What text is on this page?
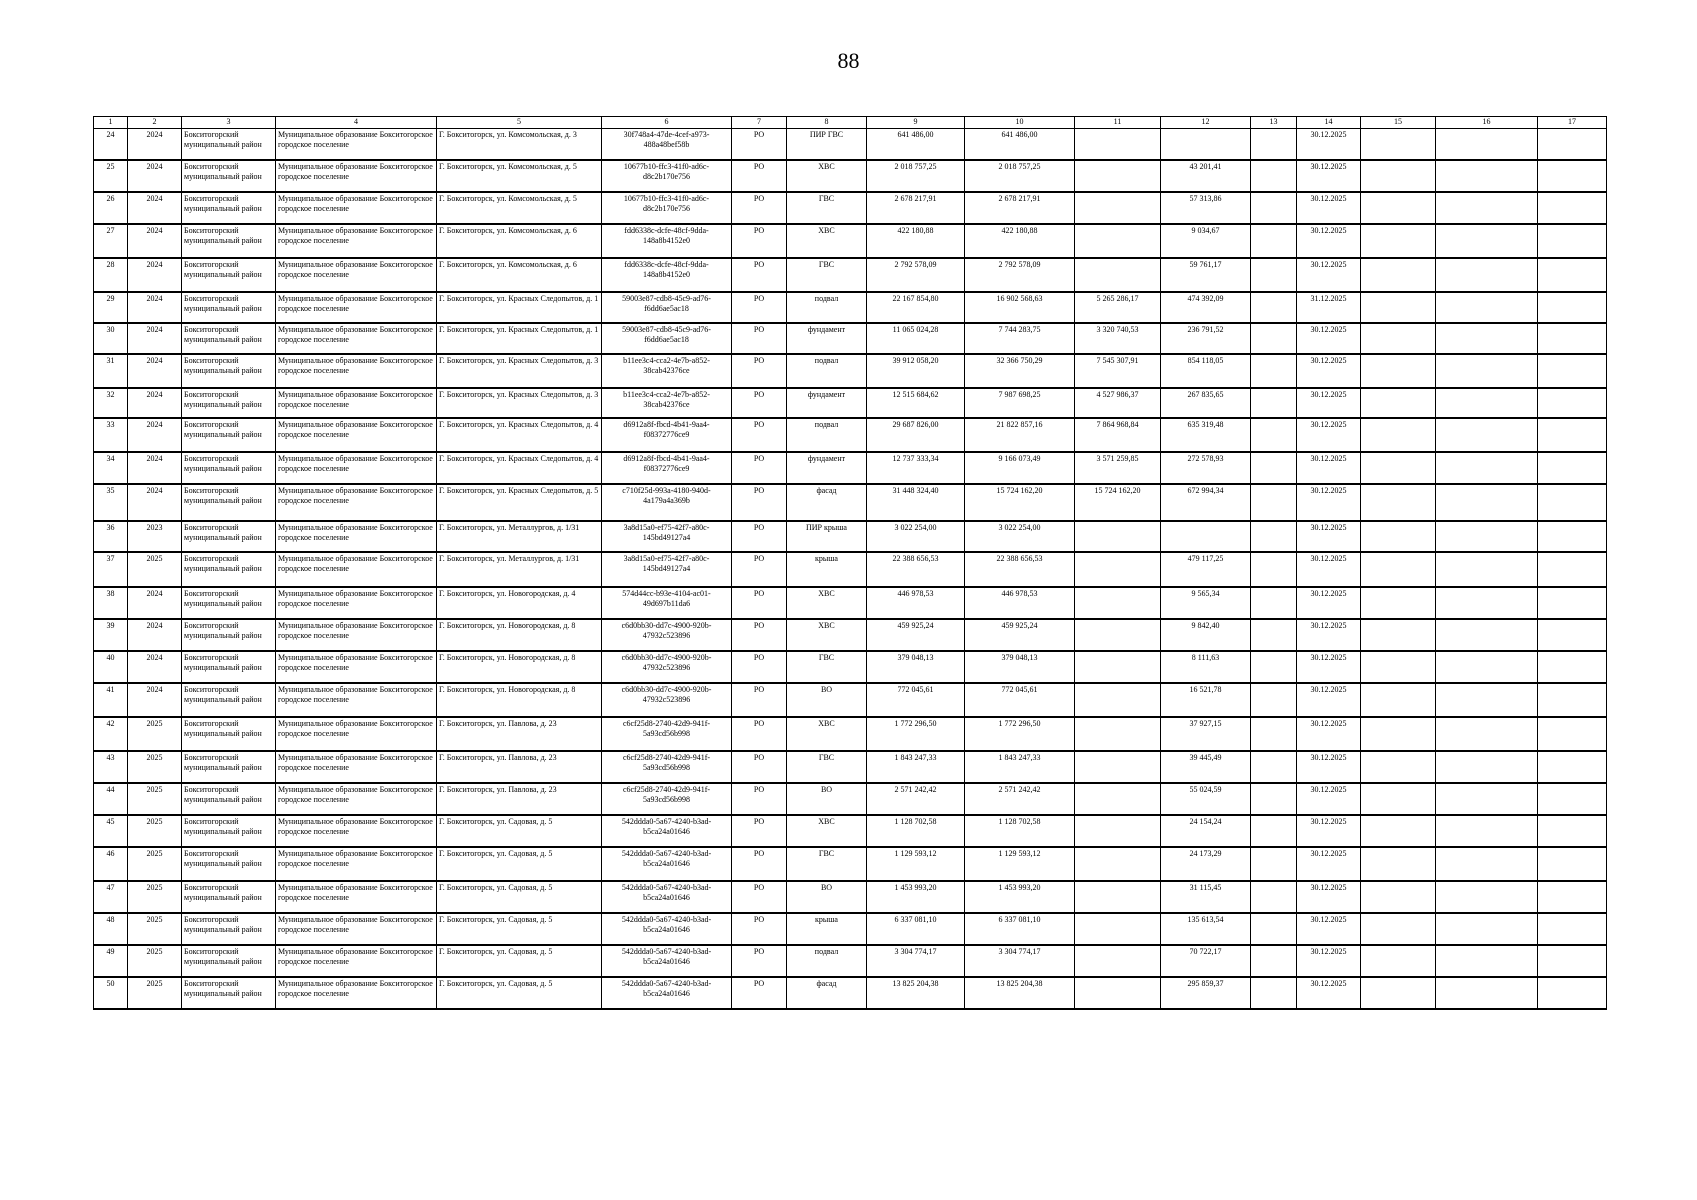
88
1	2	3	4	5	6	7	8	9	10	11	12	13	14	15	16	17
24	2024	Бокситогорский муниципальный район	Муниципальное образование Бокситогорское городское поселение	Г. Бокситогорск, ул. Комсомольская, д. 3	30f748a4-47de-4cef-a973-488a48bef58b	РО	ПИР ГВС	641 486,00	641 486,00				30.12.2025			
25	2024	Бокситогорский муниципальный район	Муниципальное образование Бокситогорское городское поселение	Г. Бокситогорск, ул. Комсомольская, д. 5	10677b10-ffc3-41f0-ad6c-d8c2b170e756	РО	ХВС	2 018 757,25	2 018 757,25		43 201,41		30.12.2025			
26	2024	Бокситогорский муниципальный район	Муниципальное образование Бокситогорское городское поселение	Г. Бокситогорск, ул. Комсомольская, д. 5	10677b10-ffc3-41f0-ad6c-d8c2b170e756	РО	ГВС	2 678 217,91	2 678 217,91		57 313,86		30.12.2025			
27	2024	Бокситогорский муниципальный район	Муниципальное образование Бокситогорское городское поселение	Г. Бокситогорск, ул. Комсомольская, д. 6	fdd6338c-dcfe-48cf-9dda-148a8b4152e0	РО	ХВС	422 180,88	422 180,88		9 034,67		30.12.2025			
28	2024	Бокситогорский муниципальный район	Муниципальное образование Бокситогорское городское поселение	Г. Бокситогорск, ул. Комсомольская, д. 6	fdd6338c-dcfe-48cf-9dda-148a8b4152e0	РО	ГВС	2 792 578,09	2 792 578,09		59 761,17		30.12.2025			
29	2024	Бокситогорский муниципальный район	Муниципальное образование Бокситогорское городское поселение	Г. Бокситогорск, ул. Красных Следопытов, д. 1	59003e87-cdb8-45c9-ad76-f6dd6ae5ac18	РО	подвал	22 167 854,80	16 902 568,63	5 265 286,17	474 392,09		31.12.2025			
30	2024	Бокситогорский муниципальный район	Муниципальное образование Бокситогорское городское поселение	Г. Бокситогорск, ул. Красных Следопытов, д. 1	59003e87-cdb8-45c9-ad76-f6dd6ae5ac18	РО	фундамент	11 065 024,28	7 744 283,75	3 320 740,53	236 791,52		30.12.2025			
31	2024	Бокситогорский муниципальный район	Муниципальное образование Бокситогорское городское поселение	Г. Бокситогорск, ул. Красных Следопытов, д. 3	b11ee3c4-cca2-4e7b-a852-38cab42376ce	РО	подвал	39 912 058,20	32 366 750,29	7 545 307,91	854 118,05		30.12.2025			
32	2024	Бокситогорский муниципальный район	Муниципальное образование Бокситогорское городское поселение	Г. Бокситогорск, ул. Красных Следопытов, д. 3	b11ee3c4-cca2-4e7b-a852-38cab42376ce	РО	фундамент	12 515 684,62	7 987 698,25	4 527 986,37	267 835,65		30.12.2025			
33	2024	Бокситогорский муниципальный район	Муниципальное образование Бокситогорское городское поселение	Г. Бокситогорск, ул. Красных Следопытов, д. 4	d6912a8f-fbcd-4b41-9aa4-f08372776ce9	РО	подвал	29 687 826,00	21 822 857,16	7 864 968,84	635 319,48		30.12.2025			
34	2024	Бокситогорский муниципальный район	Муниципальное образование Бокситогорское городское поселение	Г. Бокситогорск, ул. Красных Следопытов, д. 4	d6912a8f-fbcd-4b41-9aa4-f08372776ce9	РО	фундамент	12 737 333,34	9 166 073,49	3 571 259,85	272 578,93		30.12.2025			
35	2024	Бокситогорский муниципальный район	Муниципальное образование Бокситогорское городское поселение	Г. Бокситогорск, ул. Красных Следопытов, д. 5	c710f25d-993a-4180-940d-4a179a4a369b	РО	фасад	31 448 324,40	15 724 162,20	15 724 162,20	672 994,34		30.12.2025			
36	2023	Бокситогорский муниципальный район	Муниципальное образование Бокситогорское городское поселение	Г. Бокситогорск, ул. Металлургов, д. 1/31	3a8d15a0-ef75-42f7-a80c-145bd49127a4	РО	ПИР крыша	3 022 254,00	3 022 254,00				30.12.2025			
37	2025	Бокситогорский муниципальный район	Муниципальное образование Бокситогорское городское поселение	Г. Бокситогорск, ул. Металлургов, д. 1/31	3a8d15a0-ef75-42f7-a80c-145bd49127a4	РО	крыша	22 388 656,53	22 388 656,53		479 117,25		30.12.2025			
38	2024	Бокситогорский муниципальный район	Муниципальное образование Бокситогорское городское поселение	Г. Бокситогорск, ул. Новогородская, д. 4	574d44cc-b93e-4104-ac01-49d697b11da6	РО	ХВС	446 978,53	446 978,53		9 565,34		30.12.2025			
39	2024	Бокситогорский муниципальный район	Муниципальное образование Бокситогорское городское поселение	Г. Бокситогорск, ул. Новогородская, д. 8	c6d0bb30-dd7c-4900-920b-47932c523896	РО	ХВС	459 925,24	459 925,24		9 842,40		30.12.2025			
40	2024	Бокситогорский муниципальный район	Муниципальное образование Бокситогорское городское поселение	Г. Бокситогорск, ул. Новогородская, д. 8	c6d0bb30-dd7c-4900-920b-47932c523896	РО	ГВС	379 048,13	379 048,13		8 111,63		30.12.2025			
41	2024	Бокситогорский муниципальный район	Муниципальное образование Бокситогорское городское поселение	Г. Бокситогорск, ул. Новогородская, д. 8	c6d0bb30-dd7c-4900-920b-47932c523896	РО	ВО	772 045,61	772 045,61		16 521,78		30.12.2025			
42	2025	Бокситогорский муниципальный район	Муниципальное образование Бокситогорское городское поселение	Г. Бокситогорск, ул. Павлова, д. 23	c6cf25d8-2740-42d9-941f-5a93cd56b998	РО	ХВС	1 772 296,50	1 772 296,50		37 927,15		30.12.2025			
43	2025	Бокситогорский муниципальный район	Муниципальное образование Бокситогорское городское поселение	Г. Бокситогорск, ул. Павлова, д. 23	c6cf25d8-2740-42d9-941f-5a93cd56b998	РО	ГВС	1 843 247,33	1 843 247,33		39 445,49		30.12.2025			
44	2025	Бокситогорский муниципальный район	Муниципальное образование Бокситогорское городское поселение	Г. Бокситогорск, ул. Павлова, д. 23	c6cf25d8-2740-42d9-941f-5a93cd56b998	РО	ВО	2 571 242,42	2 571 242,42		55 024,59		30.12.2025			
45	2025	Бокситогорский муниципальный район	Муниципальное образование Бокситогорское городское поселение	Г. Бокситогорск, ул. Садовая, д. 5	542ddda0-5a67-4240-b3ad-b5ca24a01646	РО	ХВС	1 128 702,58	1 128 702,58		24 154,24		30.12.2025			
46	2025	Бокситогорский муниципальный район	Муниципальное образование Бокситогорское городское поселение	Г. Бокситогорск, ул. Садовая, д. 5	542ddda0-5a67-4240-b3ad-b5ca24a01646	РО	ГВС	1 129 593,12	1 129 593,12		24 173,29		30.12.2025			
47	2025	Бокситогорский муниципальный район	Муниципальное образование Бокситогорское городское поселение	Г. Бокситогорск, ул. Садовая, д. 5	542ddda0-5a67-4240-b3ad-b5ca24a01646	РО	ВО	1 453 993,20	1 453 993,20		31 115,45		30.12.2025			
48	2025	Бокситогорский муниципальный район	Муниципальное образование Бокситогорское городское поселение	Г. Бокситогорск, ул. Садовая, д. 5	542ddda0-5a67-4240-b3ad-b5ca24a01646	РО	крыша	6 337 081,10	6 337 081,10		135 613,54		30.12.2025			
49	2025	Бокситогорский муниципальный район	Муниципальное образование Бокситогорское городское поселение	Г. Бокситогорск, ул. Садовая, д. 5	542ddda0-5a67-4240-b3ad-b5ca24a01646	РО	подвал	3 304 774,17	3 304 774,17		70 722,17		30.12.2025			
50	2025	Бокситогорский муниципальный район	Муниципальное образование Бокситогорское городское поселение	Г. Бокситогорск, ул. Садовая, д. 5	542ddda0-5a67-4240-b3ad-b5ca24a01646	РО	фасад	13 825 204,38	13 825 204,38		295 859,37		30.12.2025			
